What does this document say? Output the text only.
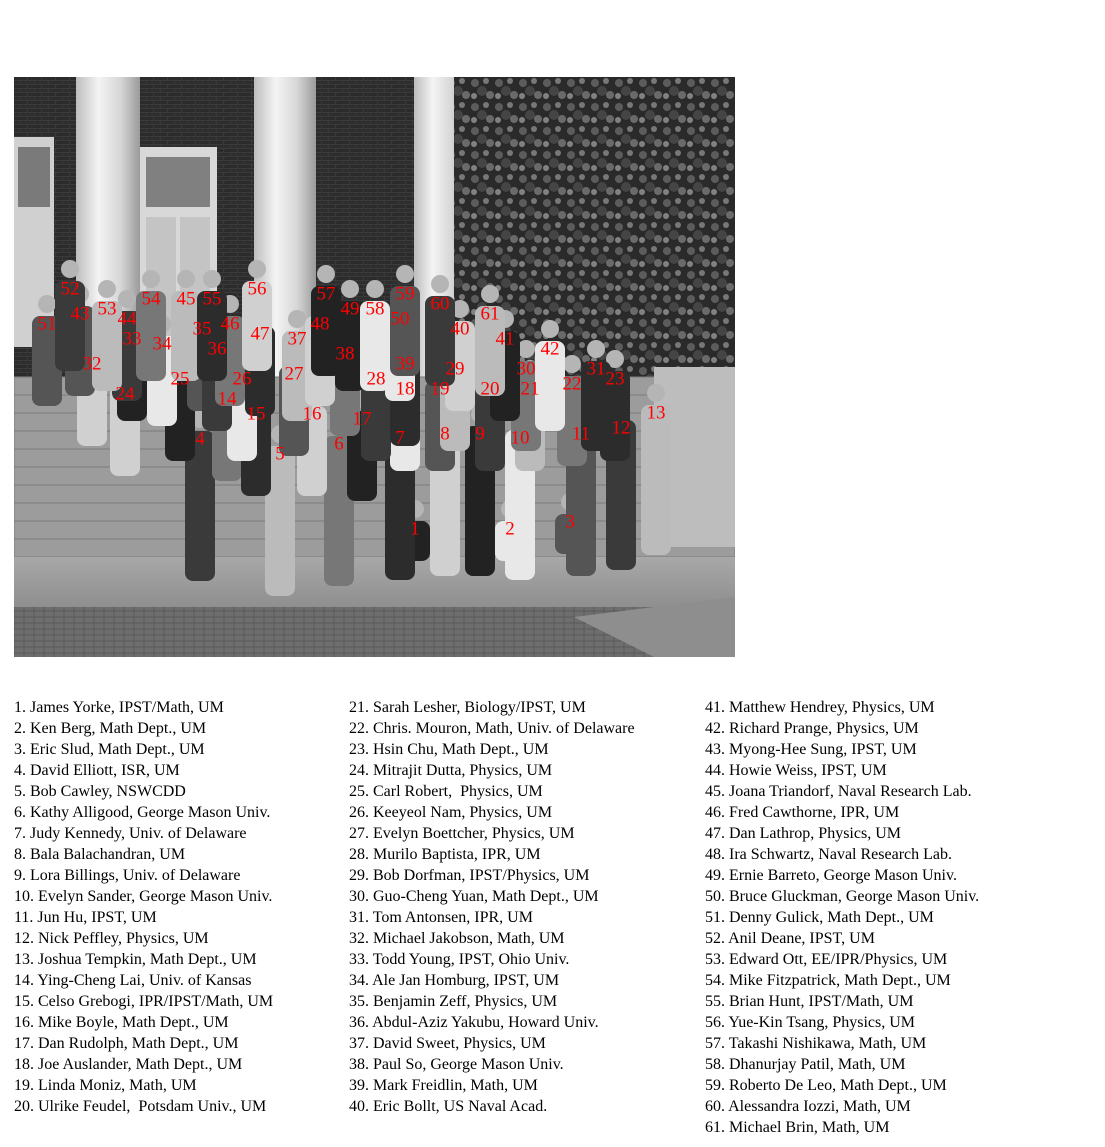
1	2	3
4
5	6	7 8 9 10 11 12
13
14
15 16 17
18 19 20 21 22 23
24
25 26 27	28	29	30	31
32
33 34
35
36	37
38 39
40 41 42
43 44
45
46 47 48
49 50
51
52
53 54 55 56	57
58
59 60 61
1. James Yorke, IPST/Math, UM
2. Ken Berg, Math Dept., UM
3. Eric Slud, Math Dept., UM
4. David Elliott, ISR, UM
5. Bob Cawley, NSWCDD
6. Kathy Alligood, George Mason Univ.
7. Judy Kennedy, Univ. of Delaware
8. Bala Balachandran, UM
9. Lora Billings, Univ. of Delaware
10. Evelyn Sander, George Mason Univ.
11. Jun Hu, IPST, UM
12. Nick Peffley, Physics, UM
13. Joshua Tempkin, Math Dept., UM
14. Ying-Cheng Lai, Univ. of Kansas
15. Celso Grebogi, IPR/IPST/Math, UM
16. Mike Boyle, Math Dept., UM
17. Dan Rudolph, Math Dept., UM
18. Joe Auslander, Math Dept., UM
19. Linda Moniz, Math, UM
20. Ulrike Feudel,  Potsdam Univ., UM
21. Sarah Lesher, Biology/IPST, UM
22. Chris. Mouron, Math, Univ. of Delaware
23. Hsin Chu, Math Dept., UM
24. Mitrajit Dutta, Physics, UM
25. Carl Robert,  Physics, UM
26. Keeyeol Nam, Physics, UM
27. Evelyn Boettcher, Physics, UM
28. Murilo Baptista, IPR, UM
29. Bob Dorfman, IPST/Physics, UM
30. Guo-Cheng Yuan, Math Dept., UM
31. Tom Antonsen, IPR, UM
32. Michael Jakobson, Math, UM
33. Todd Young, IPST, Ohio Univ.
34. Ale Jan Homburg, IPST, UM
35. Benjamin Zeff, Physics, UM
36. Abdul-Aziz Yakubu, Howard Univ.
37. David Sweet, Physics, UM
38. Paul So, George Mason Univ.
39. Mark Freidlin, Math, UM
40. Eric Bollt, US Naval Acad.
41. Matthew Hendrey, Physics, UM
42. Richard Prange, Physics, UM
43. Myong-Hee Sung, IPST, UM
44. Howie Weiss, IPST, UM
45. Joana Triandorf, Naval Research Lab.
46. Fred Cawthorne, IPR, UM
47. Dan Lathrop, Physics, UM
48. Ira Schwartz, Naval Research Lab.
49. Ernie Barreto, George Mason Univ.
50. Bruce Gluckman, George Mason Univ.
51. Denny Gulick, Math Dept., UM
52. Anil Deane, IPST, UM
53. Edward Ott, EE/IPR/Physics, UM
54. Mike Fitzpatrick, Math Dept., UM
55. Brian Hunt, IPST/Math, UM
56. Yue-Kin Tsang, Physics, UM
57. Takashi Nishikawa, Math, UM
58. Dhanurjay Patil, Math, UM
59. Roberto De Leo, Math Dept., UM
60. Alessandra Iozzi, Math, UM
61. Michael Brin, Math, UM
